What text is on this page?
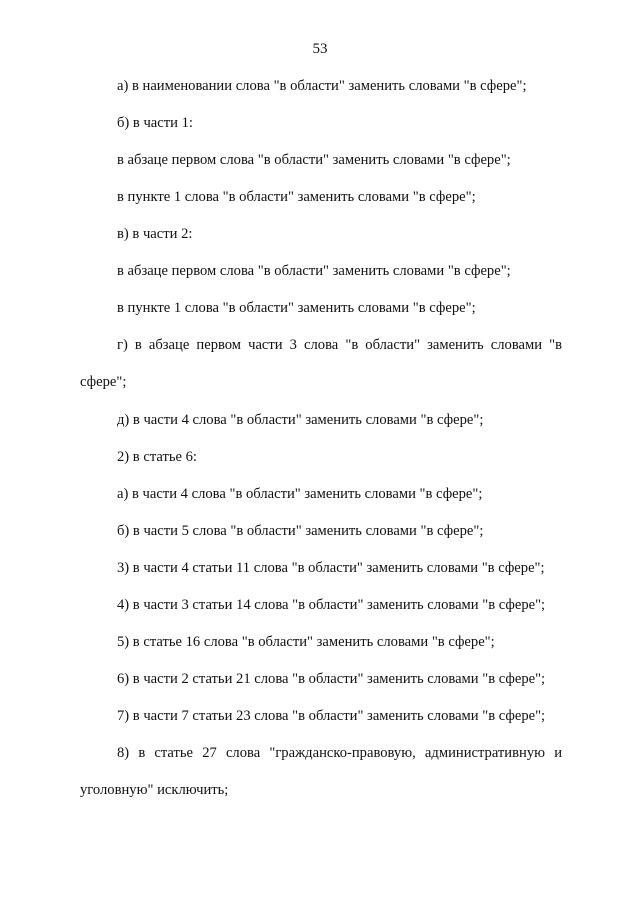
53
а) в наименовании слова "в области" заменить словами "в сфере";
б) в части 1:
в абзаце первом слова "в области" заменить словами "в сфере";
в пункте 1 слова "в области" заменить словами "в сфере";
в) в части 2:
в абзаце первом слова "в области" заменить словами "в сфере";
в пункте 1 слова "в области" заменить словами "в сфере";
г) в абзаце первом части 3 слова "в области" заменить словами "в
сфере";
д) в части 4 слова "в области" заменить словами "в сфере";
2) в статье 6:
а) в части 4 слова "в области" заменить словами "в сфере";
б) в части 5 слова "в области" заменить словами "в сфере";
3) в части 4 статьи 11 слова "в области" заменить словами "в сфере";
4) в части 3 статьи 14 слова "в области" заменить словами "в сфере";
5) в статье 16 слова "в области" заменить словами "в сфере";
6) в части 2 статьи 21 слова "в области" заменить словами "в сфере";
7) в части 7 статьи 23 слова "в области" заменить словами "в сфере";
8) в статье 27 слова "гражданско-правовую, административную и
уголовную" исключить;
